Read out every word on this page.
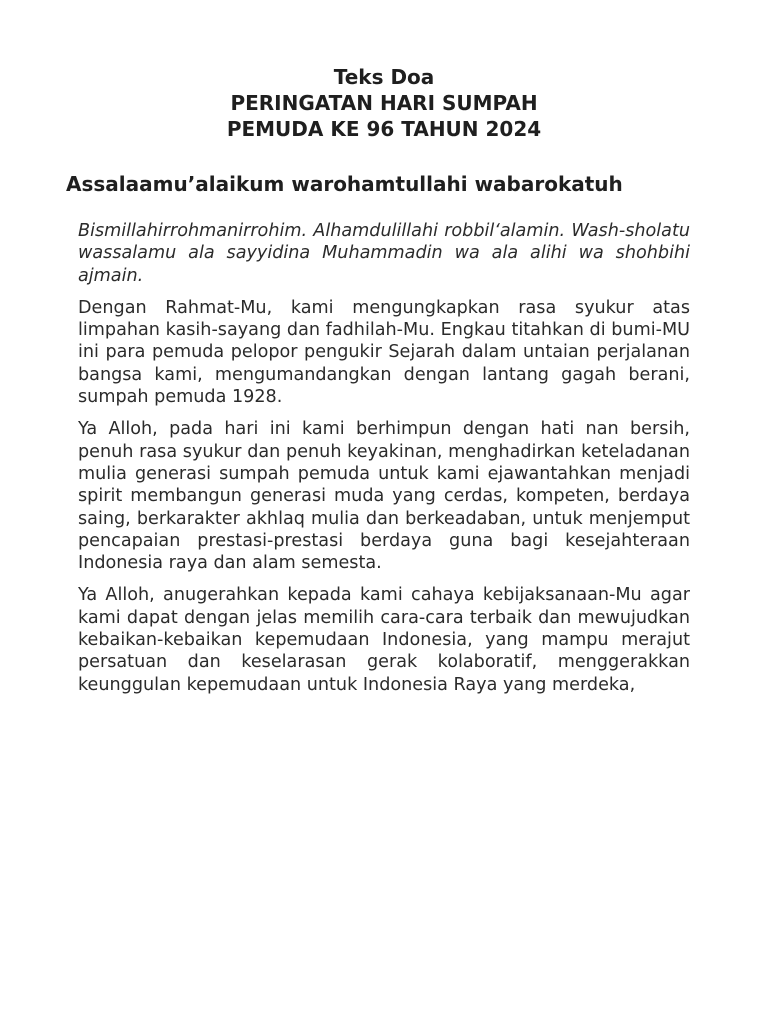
Teks Doa
PERINGATAN HARI SUMPAH
PEMUDA KE 96 TAHUN 2024
Assalaamu’alaikum warohamtullahi wabarokatuh

Bismillahirrohmanirrohim. Alhamdulillahi robbil‘alamin. Wash-sholatu wassalamu ala sayyidina Muhammadin wa ala alihi wa shohbihi ajmain.

Dengan Rahmat-Mu, kami mengungkapkan rasa syukur atas limpahan kasih-sayang dan fadhilah-Mu. Engkau titahkan di bumi-MU ini para pemuda pelopor pengukir Sejarah dalam untaian perjalanan bangsa kami, mengumandangkan dengan lantang gagah berani, sumpah pemuda 1928.

Ya Alloh, pada hari ini kami berhimpun dengan hati nan bersih, penuh rasa syukur dan penuh keyakinan, menghadirkan keteladanan mulia generasi sumpah pemuda untuk kami ejawantahkan menjadi spirit membangun generasi muda yang cerdas, kompeten, berdaya saing, berkarakter akhlaq mulia dan berkeadaban, untuk menjemput pencapaian prestasi-prestasi berdaya guna bagi kesejahteraan Indonesia raya dan alam semesta.

Ya Alloh, anugerahkan kepada kami cahaya kebijaksanaan-Mu agar kami dapat dengan jelas memilih cara-cara terbaik dan mewujudkan kebaikan-kebaikan kepemudaan Indonesia, yang mampu merajut persatuan dan keselarasan gerak kolaboratif, menggerakkan keunggulan kepemudaan untuk Indonesia Raya yang merdeka,
